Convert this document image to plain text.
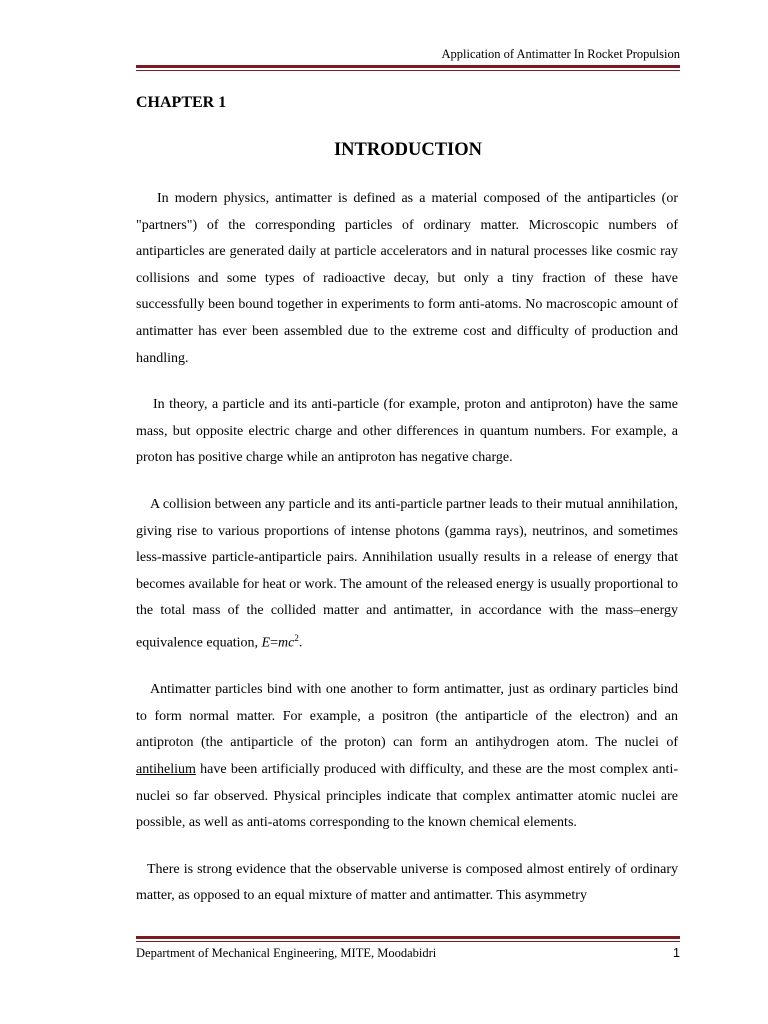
Application of Antimatter In Rocket Propulsion
CHAPTER 1
INTRODUCTION

In modern physics, antimatter is defined as a material composed of the antiparticles (or "partners") of the corresponding particles of ordinary matter. Microscopic numbers of antiparticles are generated daily at particle accelerators and in natural processes like cosmic ray collisions and some types of radioactive decay, but only a tiny fraction of these have successfully been bound together in experiments to form anti-atoms. No macroscopic amount of antimatter has ever been assembled due to the extreme cost and difficulty of production and handling.

In theory, a particle and its anti-particle (for example, proton and antiproton) have the same mass, but opposite electric charge and other differences in quantum numbers. For example, a proton has positive charge while an antiproton has negative charge.

A collision between any particle and its anti-particle partner leads to their mutual annihilation, giving rise to various proportions of intense photons (gamma rays), neutrinos, and sometimes less-massive particle-antiparticle pairs. Annihilation usually results in a release of energy that becomes available for heat or work. The amount of the released energy is usually proportional to the total mass of the collided matter and antimatter, in accordance with the mass–energy equivalence equation, $E=mc^2$.

Antimatter particles bind with one another to form antimatter, just as ordinary particles bind to form normal matter. For example, a positron (the antiparticle of the electron) and an antiproton (the antiparticle of the proton) can form an antihydrogen atom. The nuclei of antihelium have been artificially produced with difficulty, and these are the most complex anti-nuclei so far observed. Physical principles indicate that complex antimatter atomic nuclei are possible, as well as anti-atoms corresponding to the known chemical elements.

There is strong evidence that the observable universe is composed almost entirely of ordinary matter, as opposed to an equal mixture of matter and antimatter. This asymmetry

Department of Mechanical Engineering, MITE, Moodabidri	1
